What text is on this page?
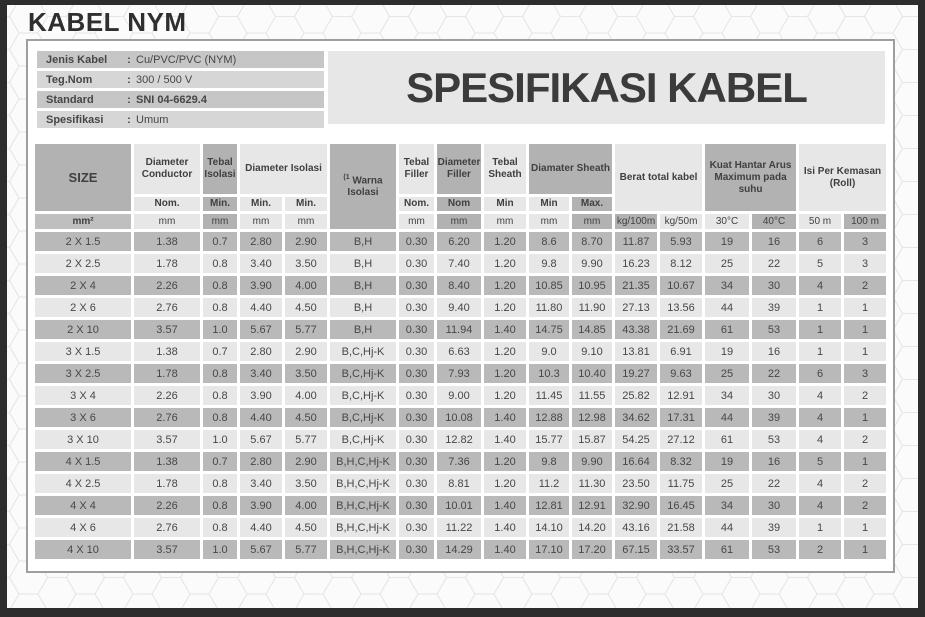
KABEL NYM
Jenis Kabel	: Cu/PVC/PVC (NYM)
Teg.Nom	: 300 / 500 V
Standard	: SNI 04-6629.4
Spesifikasi	: Umum
SPESIFIKASI KABEL
SIZE	Diameter Conductor	Tebal Isolasi	Diameter Isolasi		$^{(1}$ Warna Isolasi	Tebal Filler	Diameter Filler	Tebal Sheath	Diamater Sheath		Berat total kabel		Kuat Hantar Arus Maximum pada suhu		Isi Per Kemasan (Roll)	
	Nom.	Min.	Min.	Min.		Nom.	Nom	Min	Min	Max.						
mm²	mm	mm	mm	mm		mm	mm	mm	mm	mm	kg/100m	kg/50m	30°C	40°C	50 m	100 m
2 X 1.5	1.38	0.7	2.80	2.90	B,H	0.30	6.20	1.20	8.6	8.70	11.87	5.93	19	16	6	3
2 X 2.5	1.78	0.8	3.40	3.50	B,H	0.30	7.40	1.20	9.8	9.90	16.23	8.12	25	22	5	3
2 X 4	2.26	0.8	3.90	4.00	B,H	0.30	8.40	1.20	10.85	10.95	21.35	10.67	34	30	4	2
2 X 6	2.76	0.8	4.40	4.50	B,H	0.30	9.40	1.20	11.80	11.90	27.13	13.56	44	39	1	1
2 X 10	3.57	1.0	5.67	5.77	B,H	0.30	11.94	1.40	14.75	14.85	43.38	21.69	61	53	1	1
3 X 1.5	1.38	0.7	2.80	2.90	B,C,Hj-K	0.30	6.63	1.20	9.0	9.10	13.81	6.91	19	16	1	1
3 X 2.5	1.78	0.8	3.40	3.50	B,C,Hj-K	0.30	7.93	1.20	10.3	10.40	19.27	9.63	25	22	6	3
3 X 4	2.26	0.8	3.90	4.00	B,C,Hj-K	0.30	9.00	1.20	11.45	11.55	25.82	12.91	34	30	4	2
3 X 6	2.76	0.8	4.40	4.50	B,C,Hj-K	0.30	10.08	1.40	12.88	12.98	34.62	17.31	44	39	4	1
3 X 10	3.57	1.0	5.67	5.77	B,C,Hj-K	0.30	12.82	1.40	15.77	15.87	54.25	27.12	61	53	4	2
4 X 1.5	1.38	0.7	2.80	2.90	B,H,C,Hj-K	0.30	7.36	1.20	9.8	9.90	16.64	8.32	19	16	5	1
4 X 2.5	1.78	0.8	3.40	3.50	B,H,C,Hj-K	0.30	8.81	1.20	11.2	11.30	23.50	11.75	25	22	4	2
4 X 4	2.26	0.8	3.90	4.00	B,H,C,Hj-K	0.30	10.01	1.40	12.81	12.91	32.90	16.45	34	30	4	2
4 X 6	2.76	0.8	4.40	4.50	B,H,C,Hj-K	0.30	11.22	1.40	14.10	14.20	43.16	21.58	44	39	1	1
4 X 10	3.57	1.0	5.67	5.77	B,H,C,Hj-K	0.30	14.29	1.40	17.10	17.20	67.15	33.57	61	53	2	1
